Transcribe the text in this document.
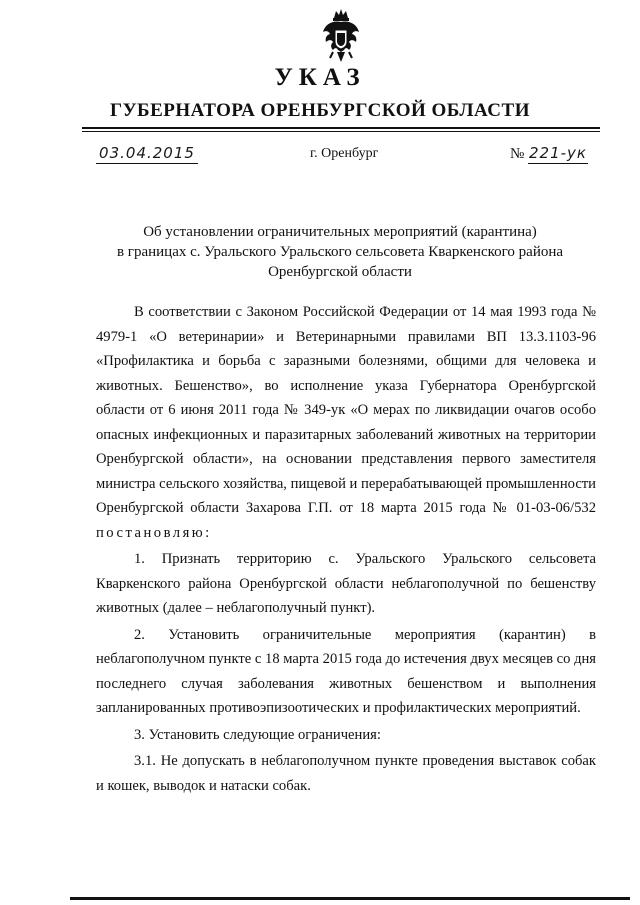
УКАЗ
ГУБЕРНАТОРА ОРЕНБУРГСКОЙ ОБЛАСТИ
03.04.2015	г. Оренбург	№ 221-ук
Об установлении ограничительных мероприятий (карантина)
в границах с. Уральского Уральского сельсовета Кваркенского района
Оренбургской области

В соответствии с Законом Российской Федерации от 14 мая 1993 года № 4979-1 «О ветеринарии» и Ветеринарными правилами ВП 13.3.1103-96 «Профилактика и борьба с заразными болезнями, общими для человека и животных. Бешенство», во исполнение указа Губернатора Оренбургской области от 6 июня 2011 года № 349-ук «О мерах по ликвидации очагов особо опасных инфекционных и паразитарных заболеваний животных на территории Оренбургской области», на основании представления первого заместителя министра сельского хозяйства, пищевой и перерабатывающей промышленности Оренбургской области Захарова Г.П. от 18 марта 2015 года № 01-03-06/532 постановляю:

1. Признать территорию с. Уральского Уральского сельсовета Кваркенского района Оренбургской области неблагополучной по бешенству животных (далее – неблагополучный пункт).

2. Установить ограничительные мероприятия (карантин) в неблагополучном пункте с 18 марта 2015 года до истечения двух месяцев со дня последнего случая заболевания животных бешенством и выполнения запланированных противоэпизоотических и профилактических мероприятий.

3. Установить следующие ограничения:

3.1. Не допускать в неблагополучном пункте проведения выставок собак и кошек, выводок и натаски собак.
